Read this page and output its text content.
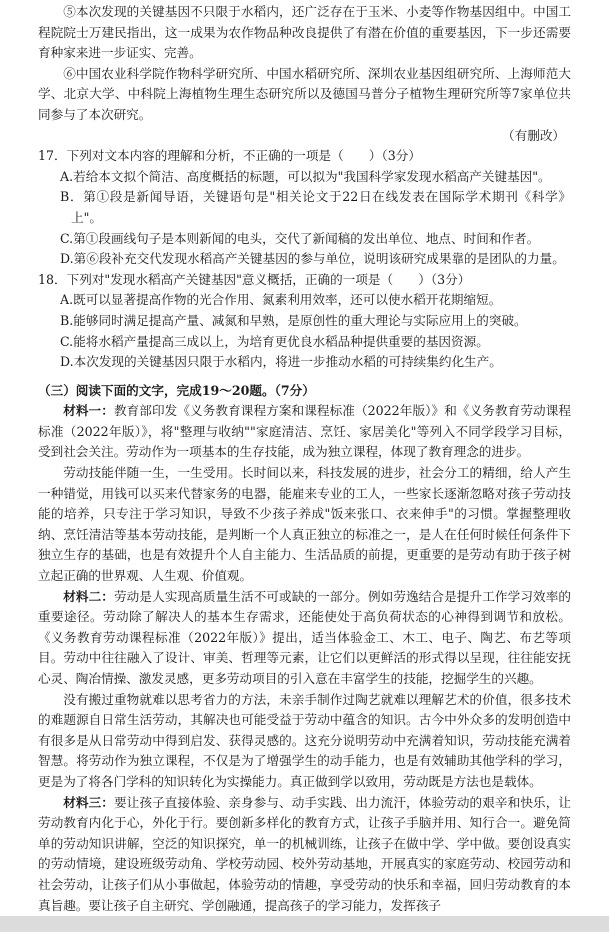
⑤本次发现的关键基因不只限于水稻内，还广泛存在于玉米、小麦等作物基因组中。中国工程院院士万建民指出，这一成果为农作物品种改良提供了有潜在价值的重要基因，下一步还需要育种家来进一步证实、完善。

⑥中国农业科学院作物科学研究所、中国水稻研究所、深圳农业基因组研究所、上海师范大学、北京大学、中科院上海植物生理生态研究所以及德国马普分子植物生理研究所等7家单位共同参与了本次研究。

（有删改）

17．下列对文本内容的理解和分析，不正确的一项是（　　）（3分）

A.若给本文拟个简洁、高度概括的标题，可以拟为"我国科学家发现水稻高产关键基因"。

B．第①段是新闻导语，关键语句是"相关论文于22日在线发表在国际学术期刊《科学》上"。

C.第①段画线句子是本则新闻的电头，交代了新闻稿的发出单位、地点、时间和作者。

D.第⑥段补充交代发现水稻高产关键基因的参与单位，说明该研究成果靠的是团队的力量。

18．下列对"发现水稻高产关键基因"意义概括，正确的一项是（　　）（3分）

A.既可以显著提高作物的光合作用、氮素利用效率，还可以使水稻开花期缩短。

B.能够同时满足提高产量、减氮和早熟，是原创性的重大理论与实际应用上的突破。

C.能将水稻产量提高三成以上，为培育更优良水稻品种提供重要的基因资源。

D.本次发现的关键基因只限于水稻内，将进一步推动水稻的可持续集约化生产。

（三）阅读下面的文字，完成19～20题。（7分）

材料一：教育部印发《义务教育课程方案和课程标准（2022年版）》和《义务教育劳动课程标准（2022年版）》，将"整理与收纳""家庭清洁、烹饪、家居美化"等列入不同学段学习目标，受到社会关注。劳动作为一项基本的生存技能，成为独立课程，体现了教育理念的进步。

劳动技能伴随一生，一生受用。长时间以来，科技发展的进步，社会分工的精细，给人产生一种错觉，用钱可以买来代替家务的电器，能雇来专业的工人，一些家长逐渐忽略对孩子劳动技能的培养，只专注于学习知识，导致不少孩子养成"饭来张口、衣来伸手"的习惯。掌握整理收纳、烹饪清洁等基本劳动技能，是判断一个人真正独立的标准之一，是人在任何时候任何条件下独立生存的基础，也是有效提升个人自主能力、生活品质的前提，更重要的是劳动有助于孩子树立起正确的世界观、人生观、价值观。

材料二：劳动是人实现高质量生活不可或缺的一部分。例如劳逸结合是提升工作学习效率的重要途径。劳动除了解决人的基本生存需求，还能使处于高负荷状态的心神得到调节和放松。《义务教育劳动课程标准（2022年版）》提出，适当体验金工、木工、电子、陶艺、布艺等项目。劳动中往往融入了设计、审美、哲理等元素，让它们以更鲜活的形式得以呈现，往往能安抚心灵、陶冶情操、激发灵感，更多劳动项目的引入意在丰富学生的技能，挖掘学生的兴趣。

没有搬过重物就难以思考省力的方法，未亲手制作过陶艺就难以理解艺术的价值，很多技术的难题源自日常生活劳动，其解决也可能受益于劳动中蕴含的知识。古今中外众多的发明创造中有很多是从日常劳动中得到启发、获得灵感的。这充分说明劳动中充满着知识，劳动技能充满着智慧。将劳动作为独立课程，不仅是为了增强学生的动手能力，也是有效辅助其他学科的学习，更是为了将各门学科的知识转化为实操能力。真正做到学以致用，劳动既是方法也是载体。

材料三：要让孩子直接体验、亲身参与、动手实践、出力流汗，体验劳动的艰辛和快乐，让劳动教育内化于心，外化于行。要创新多样化的教育方式，让孩子手脑并用、知行合一。避免简单的劳动知识讲解，空泛的知识探究，单一的机械训练，让孩子在做中学、学中做。要创设真实的劳动情境，建设班级劳动角、学校劳动园、校外劳动基地，开展真实的家庭劳动、校园劳动和社会劳动，让孩子们从小事做起，体验劳动的情趣，享受劳动的快乐和幸福，回归劳动教育的本真旨趣。要让孩子自主研究、学创融通，提高孩子的学习能力，发挥孩子
